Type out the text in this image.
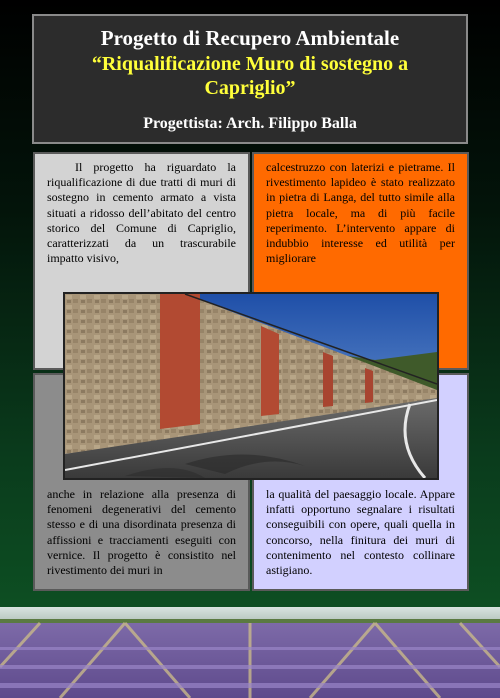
Progetto di Recupero Ambientale
“Riqualificazione Muro di sostegno a Capriglio”
Progettista: Arch. Filippo Balla
Il progetto ha riguardato la riqualificazione di due tratti di muri di sostegno in cemento armato a vista situati a ridosso dell’abitato del centro storico del Comune di Capriglio, caratterizzati da un trascurabile impatto visivo,
calcestruzzo con laterizi e pietrame. Il rivestimento lapideo è stato realizzato in pietra di Langa, del tutto simile alla pietra locale, ma di più facile reperimento. L’intervento appare di indubbio interesse ed utilità per migliorare
anche in relazione alla presenza di fenomeni degenerativi del cemento stesso e di una disordinata presenza di affissioni e tracciamenti eseguiti con vernice. Il progetto è consistito nel rivestimento dei muri in
la qualità del paesaggio locale. Appare infatti opportuno segnalare i risultati conseguibili con opere, quali quella in concorso, nella finitura dei muri di contenimento nel contesto collinare astigiano.
